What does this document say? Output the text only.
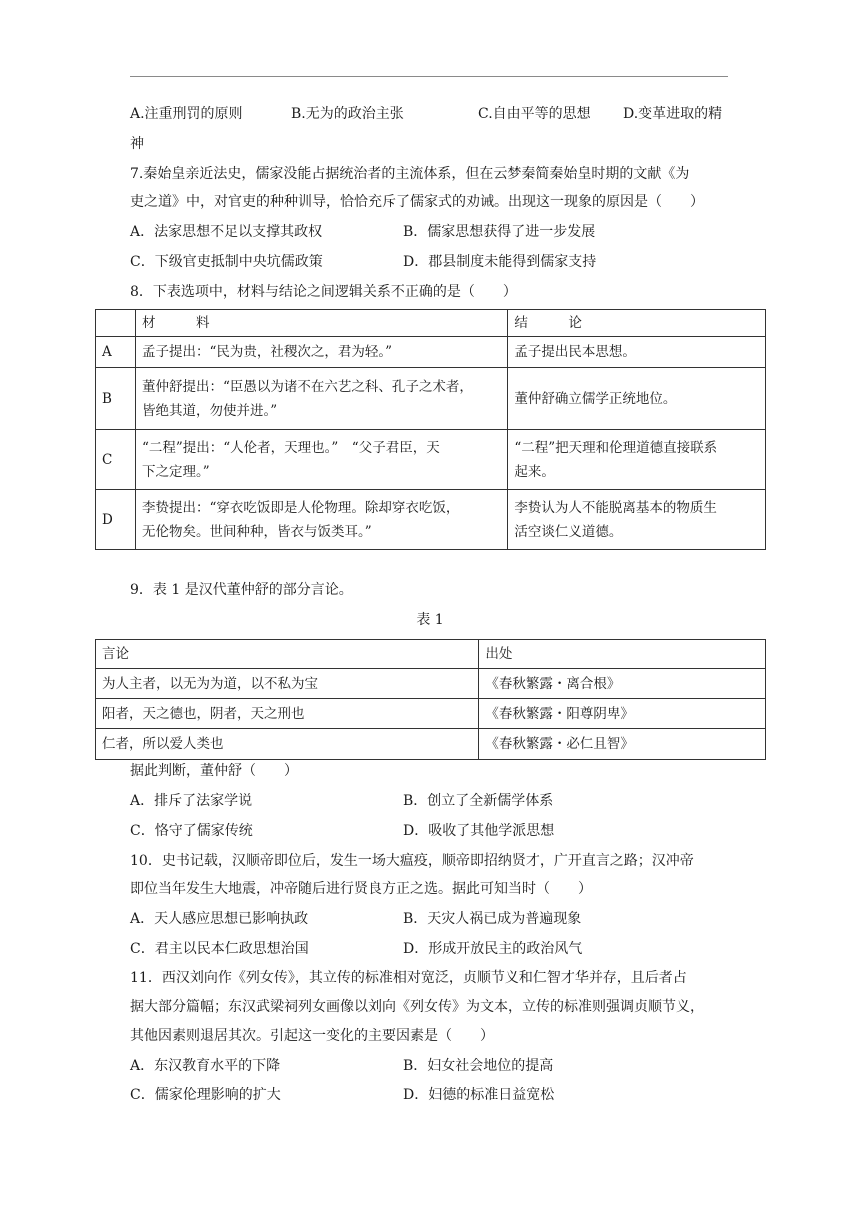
A.注重刑罚的原则	B.无为的政治主张	C.自由平等的思想 D.变革进取的精
神
7.秦始皇亲近法史，儒家没能占据统治者的主流体系，但在云梦秦简秦始皇时期的文献《为
吏之道》中，对官吏的种种训导，恰恰充斥了儒家式的劝诫。出现这一现象的原因是（　　）
A．法家思想不足以支撑其政权	B．儒家思想获得了进一步发展
C．下级官吏抵制中央坑儒政策	D．郡县制度未能得到儒家支持
8．下表选项中，材料与结论之间逻辑关系不正确的是（　　）
	材　　　料	结　　　论
A	孟子提出：“民为贵，社稷次之，君为轻。”	孟子提出民本思想。
B	董仲舒提出：“臣愚以为诸不在六艺之科、孔子之术者，
皆绝其道，勿使并进。”	董仲舒确立儒学正统地位。
C	“二程”提出：“人伦者，天理也。”　“父子君臣，天
下之定理。”	“二程”把天理和伦理道德直接联系
起来。
D	李贽提出：“穿衣吃饭即是人伦物理。除却穿衣吃饭，
无伦物矣。世间种种，皆衣与饭类耳。”	李贽认为人不能脱离基本的物质生
活空谈仁义道德。
9．表 1 是汉代董仲舒的部分言论。
表 1
言论	出处
为人主者，以无为为道，以不私为宝	《春秋繁露・离合根》
阳者，天之德也，阴者，天之刑也	《春秋繁露・阳尊阴卑》
仁者，所以爱人类也	《春秋繁露・必仁且智》
据此判断，董仲舒（　　）
A．排斥了法家学说	B．创立了全新儒学体系
C．恪守了儒家传统	D．吸收了其他学派思想
10．史书记载，汉顺帝即位后，发生一场大瘟疫，顺帝即招纳贤才，广开直言之路；汉冲帝
即位当年发生大地震，冲帝随后进行贤良方正之选。据此可知当时（　　）
A．天人感应思想已影响执政	B．天灾人祸已成为普遍现象
C．君主以民本仁政思想治国	D．形成开放民主的政治风气
11．西汉刘向作《列女传》，其立传的标准相对宽泛，贞顺节义和仁智才华并存，且后者占
据大部分篇幅；东汉武梁祠列女画像以刘向《列女传》为文本，立传的标准则强调贞顺节义，
其他因素则退居其次。引起这一变化的主要因素是（　　）
A．东汉教育水平的下降	B．妇女社会地位的提高
C．儒家伦理影响的扩大	D．妇德的标准日益宽松
